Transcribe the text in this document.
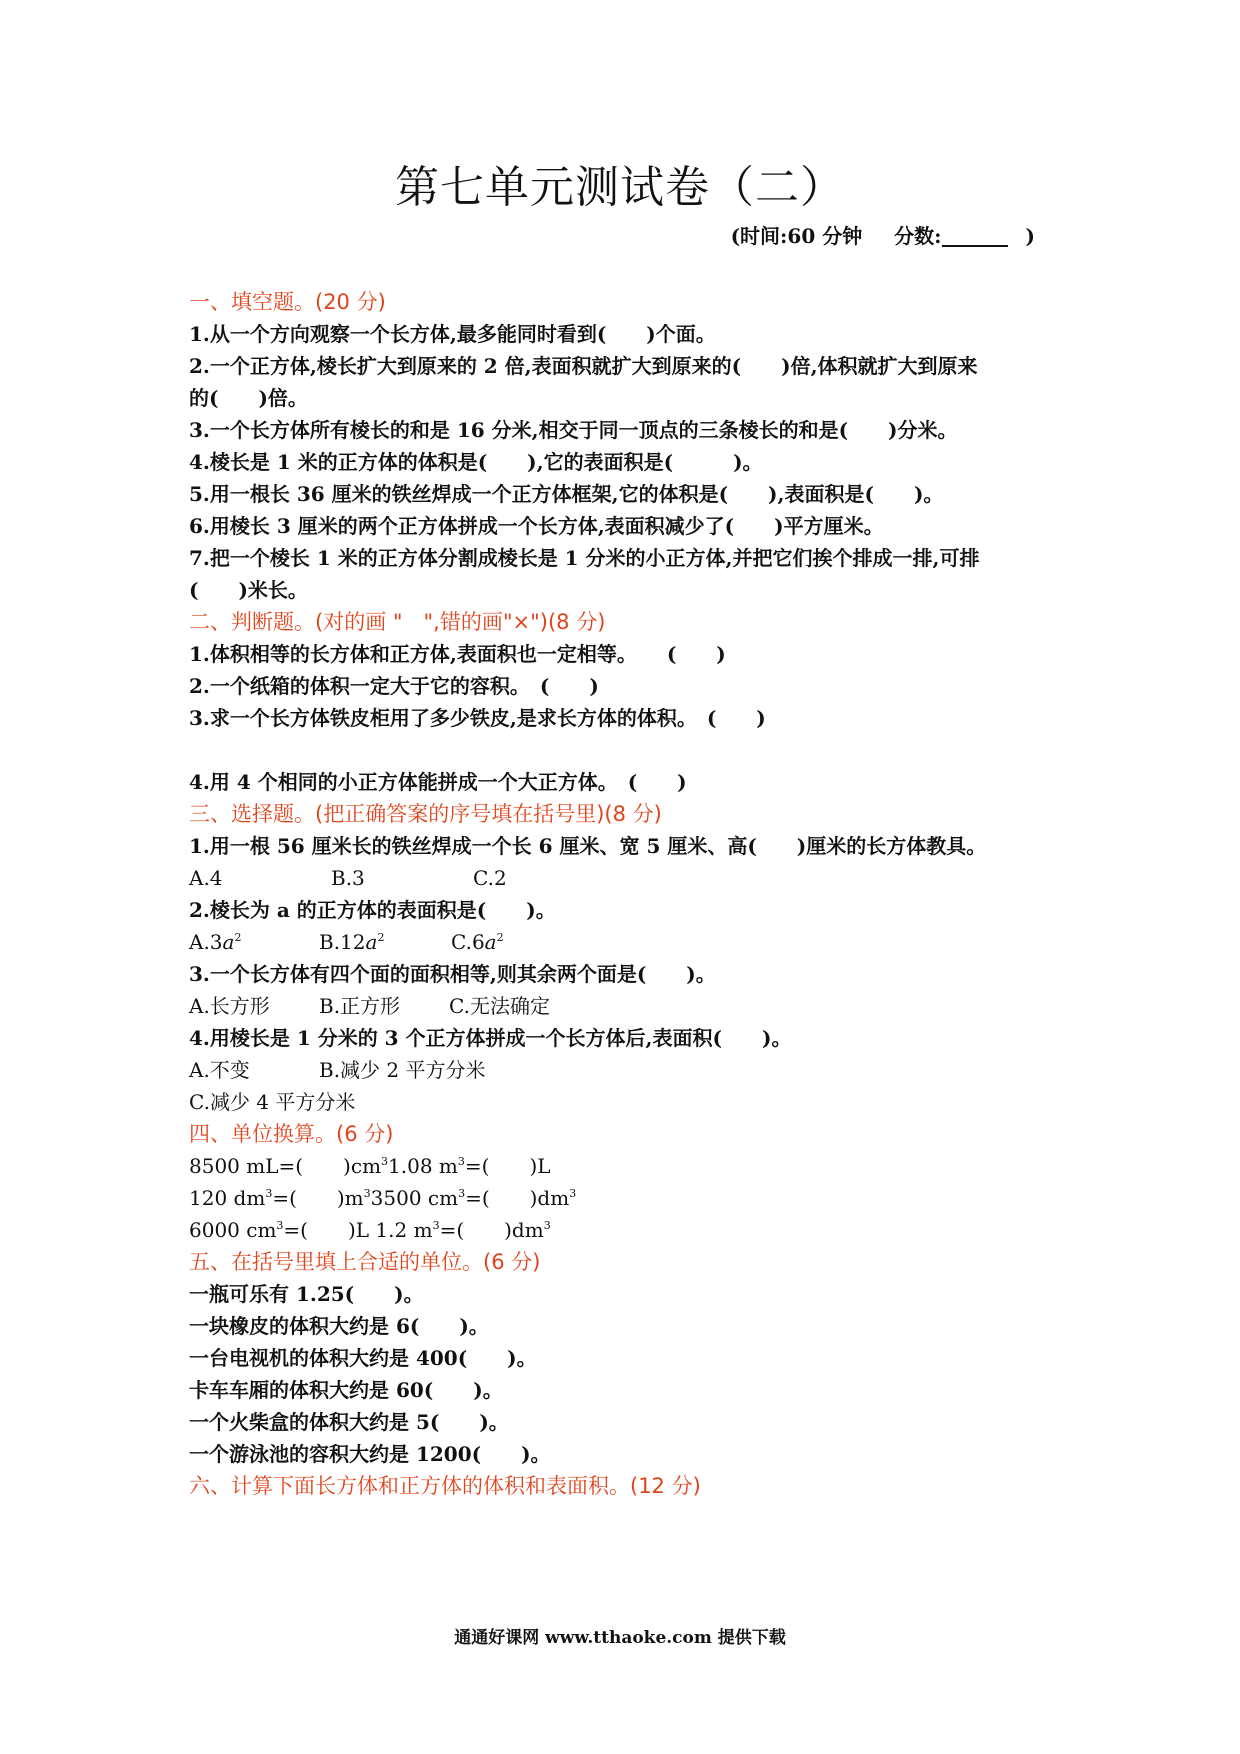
第七单元测试卷（二）
(时间:60 分钟 分数:	)
一、填空题。(20 分)
1.从一个方向观察一个长方体,最多能同时看到(　　)个面。
2.一个正方体,棱长扩大到原来的 2 倍,表面积就扩大到原来的(　　)倍,体积就扩大到原来
的(　　)倍。
3.一个长方体所有棱长的和是 16 分米,相交于同一顶点的三条棱长的和是(　　)分米。
4.棱长是 1 米的正方体的体积是(　　),它的表面积是(　　　)。
5.用一根长 36 厘米的铁丝焊成一个正方体框架,它的体积是(　　),表面积是(　　)。
6.用棱长 3 厘米的两个正方体拼成一个长方体,表面积减少了(　　)平方厘米。
7.把一个棱长 1 米的正方体分割成棱长是 1 分米的小正方体,并把它们挨个排成一排,可排
(　　)米长。
二、判断题。(对的画 "　",错的画"×")(8 分)
1.体积相等的长方体和正方体,表面积也一定相等。　　(　　)
2.一个纸箱的体积一定大于它的容积。　(　　)
3.求一个长方体铁皮柜用了多少铁皮,是求长方体的体积。　(　　)
4.用 4 个相同的小正方体能拼成一个大正方体。　(　　)
三、选择题。(把正确答案的序号填在括号里)(8 分)
1.用一根 56 厘米长的铁丝焊成一个长 6 厘米、宽 5 厘米、高(　　)厘米的长方体教具。
A.4	B.3	C.2
2.棱长为 a 的正方体的表面积是(　　)。
$A.3a^2$	$B.12a^2$	$C.6a^2$
3.一个长方体有四个面的面积相等,则其余两个面是(　　)。
A.长方形 B.正方形 C.无法确定
4.用棱长是 1 分米的 3 个正方体拼成一个长方体后,表面积(　　)。
A.不变	B.减少 2 平方分米
C.减少 4 平方分米
四、单位换算。(6 分)
8500 mL=(　　)$cm^31.08$ $m^3=$(　　)L
120 $dm^3=$(　　)$m^33500$ $cm^3=$(　　)$dm^3$
6000 $cm^3=$(　　)L 1.2 $m^3=$(　　)$dm^3$
五、在括号里填上合适的单位。(6 分)
一瓶可乐有 1.25(　　)。
一块橡皮的体积大约是 6(　　)。
一台电视机的体积大约是 400(　　)。
卡车车厢的体积大约是 60(　　)。
一个火柴盒的体积大约是 5(　　)。
一个游泳池的容积大约是 1200(　　)。
六、计算下面长方体和正方体的体积和表面积。(12 分)
通通好课网 www.tthaoke.com 提供下载
